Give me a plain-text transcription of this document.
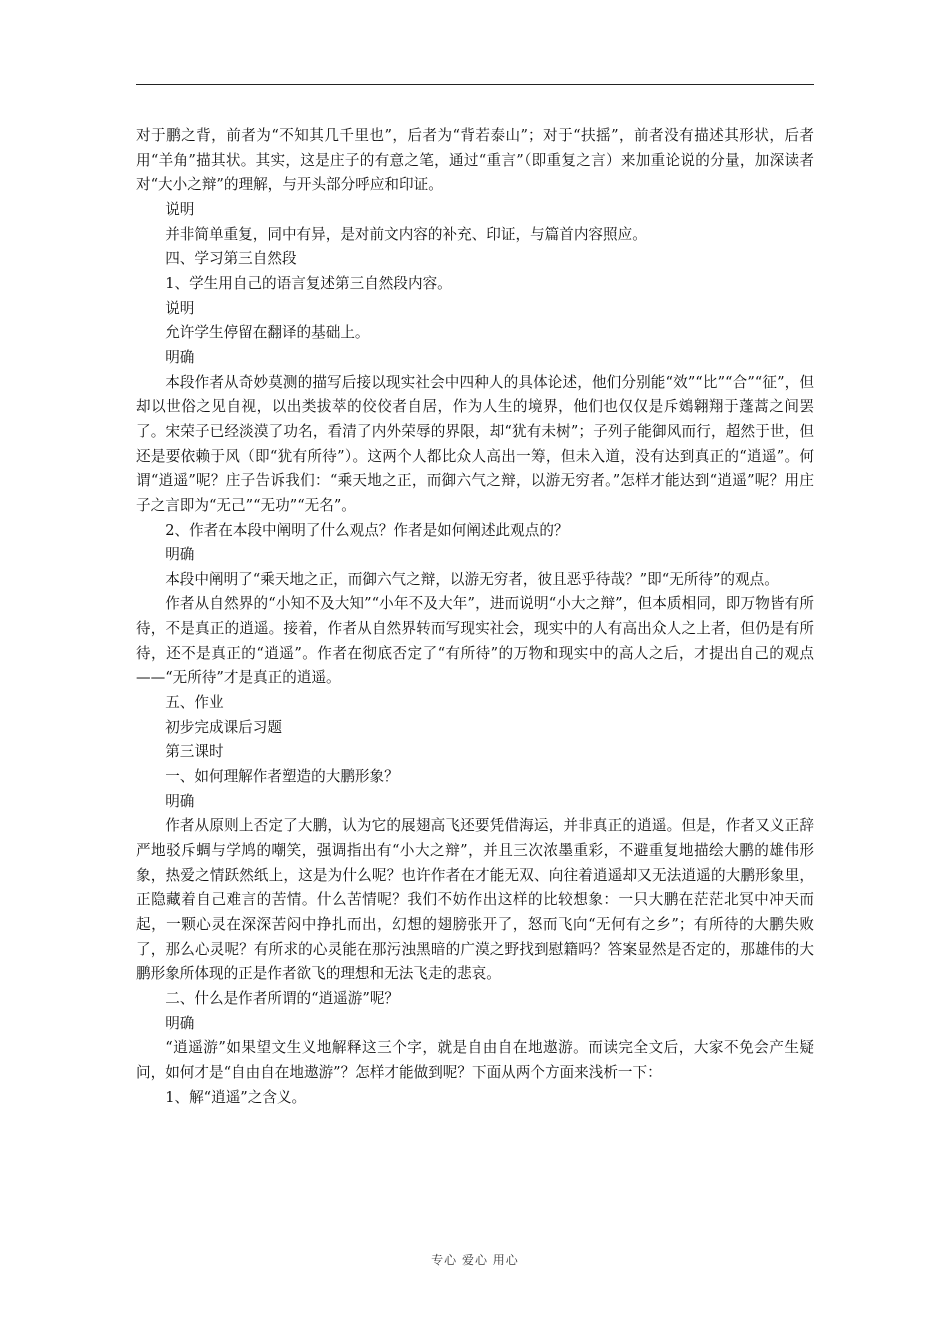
对于鹏之背，前者为“不知其几千里也”，后者为“背若泰山”；对于“扶摇”，前者没有描述其形状，后者用“羊角”描其状。其实，这是庄子的有意之笔，通过“重言”（即重复之言）来加重论说的分量，加深读者对“大小之辩”的理解，与开头部分呼应和印证。

说明

并非简单重复，同中有异，是对前文内容的补充、印证，与篇首内容照应。

四、学习第三自然段

1、学生用自己的语言复述第三自然段内容。

说明

允许学生停留在翻译的基础上。

明确

本段作者从奇妙莫测的描写后接以现实社会中四种人的具体论述，他们分别能“效”“比”“合”“征”，但却以世俗之见自视，以出类拔萃的佼佼者自居，作为人生的境界，他们也仅仅是斥鴳翱翔于蓬蒿之间罢了。宋荣子已经淡漠了功名，看清了内外荣辱的界限，却“犹有未树”；子列子能御风而行，超然于世，但还是要依赖于风（即“犹有所待”）。这两个人都比众人高出一筹，但未入道，没有达到真正的“逍遥”。何谓“逍遥”呢？庄子告诉我们：“乘天地之正，而御六气之辩，以游无穷者。”怎样才能达到“逍遥”呢？用庄子之言即为“无己”“无功”“无名”。

2、作者在本段中阐明了什么观点？作者是如何阐述此观点的？

明确

本段中阐明了“乘天地之正，而御六气之辩，以游无穷者，彼且恶乎待哉？”即“无所待”的观点。

作者从自然界的“小知不及大知”“小年不及大年”，进而说明“小大之辩”，但本质相同，即万物皆有所待，不是真正的逍遥。接着，作者从自然界转而写现实社会，现实中的人有高出众人之上者，但仍是有所待，还不是真正的“逍遥”。作者在彻底否定了“有所待”的万物和现实中的高人之后，才提出自己的观点——“无所待”才是真正的逍遥。

五、作业

初步完成课后习题

第三课时

一、如何理解作者塑造的大鹏形象？

明确

作者从原则上否定了大鹏，认为它的展翅高飞还要凭借海运，并非真正的逍遥。但是，作者又义正辞严地驳斥蜩与学鸠的嘲笑，强调指出有“小大之辩”，并且三次浓墨重彩，不避重复地描绘大鹏的雄伟形象，热爱之情跃然纸上，这是为什么呢？也许作者在才能无双、向往着逍遥却又无法逍遥的大鹏形象里，正隐藏着自己难言的苦情。什么苦情呢？我们不妨作出这样的比较想象：一只大鹏在茫茫北冥中冲天而起，一颗心灵在深深苦闷中挣扎而出，幻想的翅膀张开了，怒而飞向“无何有之乡”；有所待的大鹏失败了，那么心灵呢？有所求的心灵能在那污浊黑暗的广漠之野找到慰籍吗？答案显然是否定的，那雄伟的大鹏形象所体现的正是作者欲飞的理想和无法飞走的悲哀。

二、什么是作者所谓的“逍遥游”呢？

明确

“逍遥游”如果望文生义地解释这三个字，就是自由自在地遨游。而读完全文后，大家不免会产生疑问，如何才是“自由自在地遨游”？怎样才能做到呢？下面从两个方面来浅析一下：

1、解“逍遥”之含义。

专心 爱心 用心
